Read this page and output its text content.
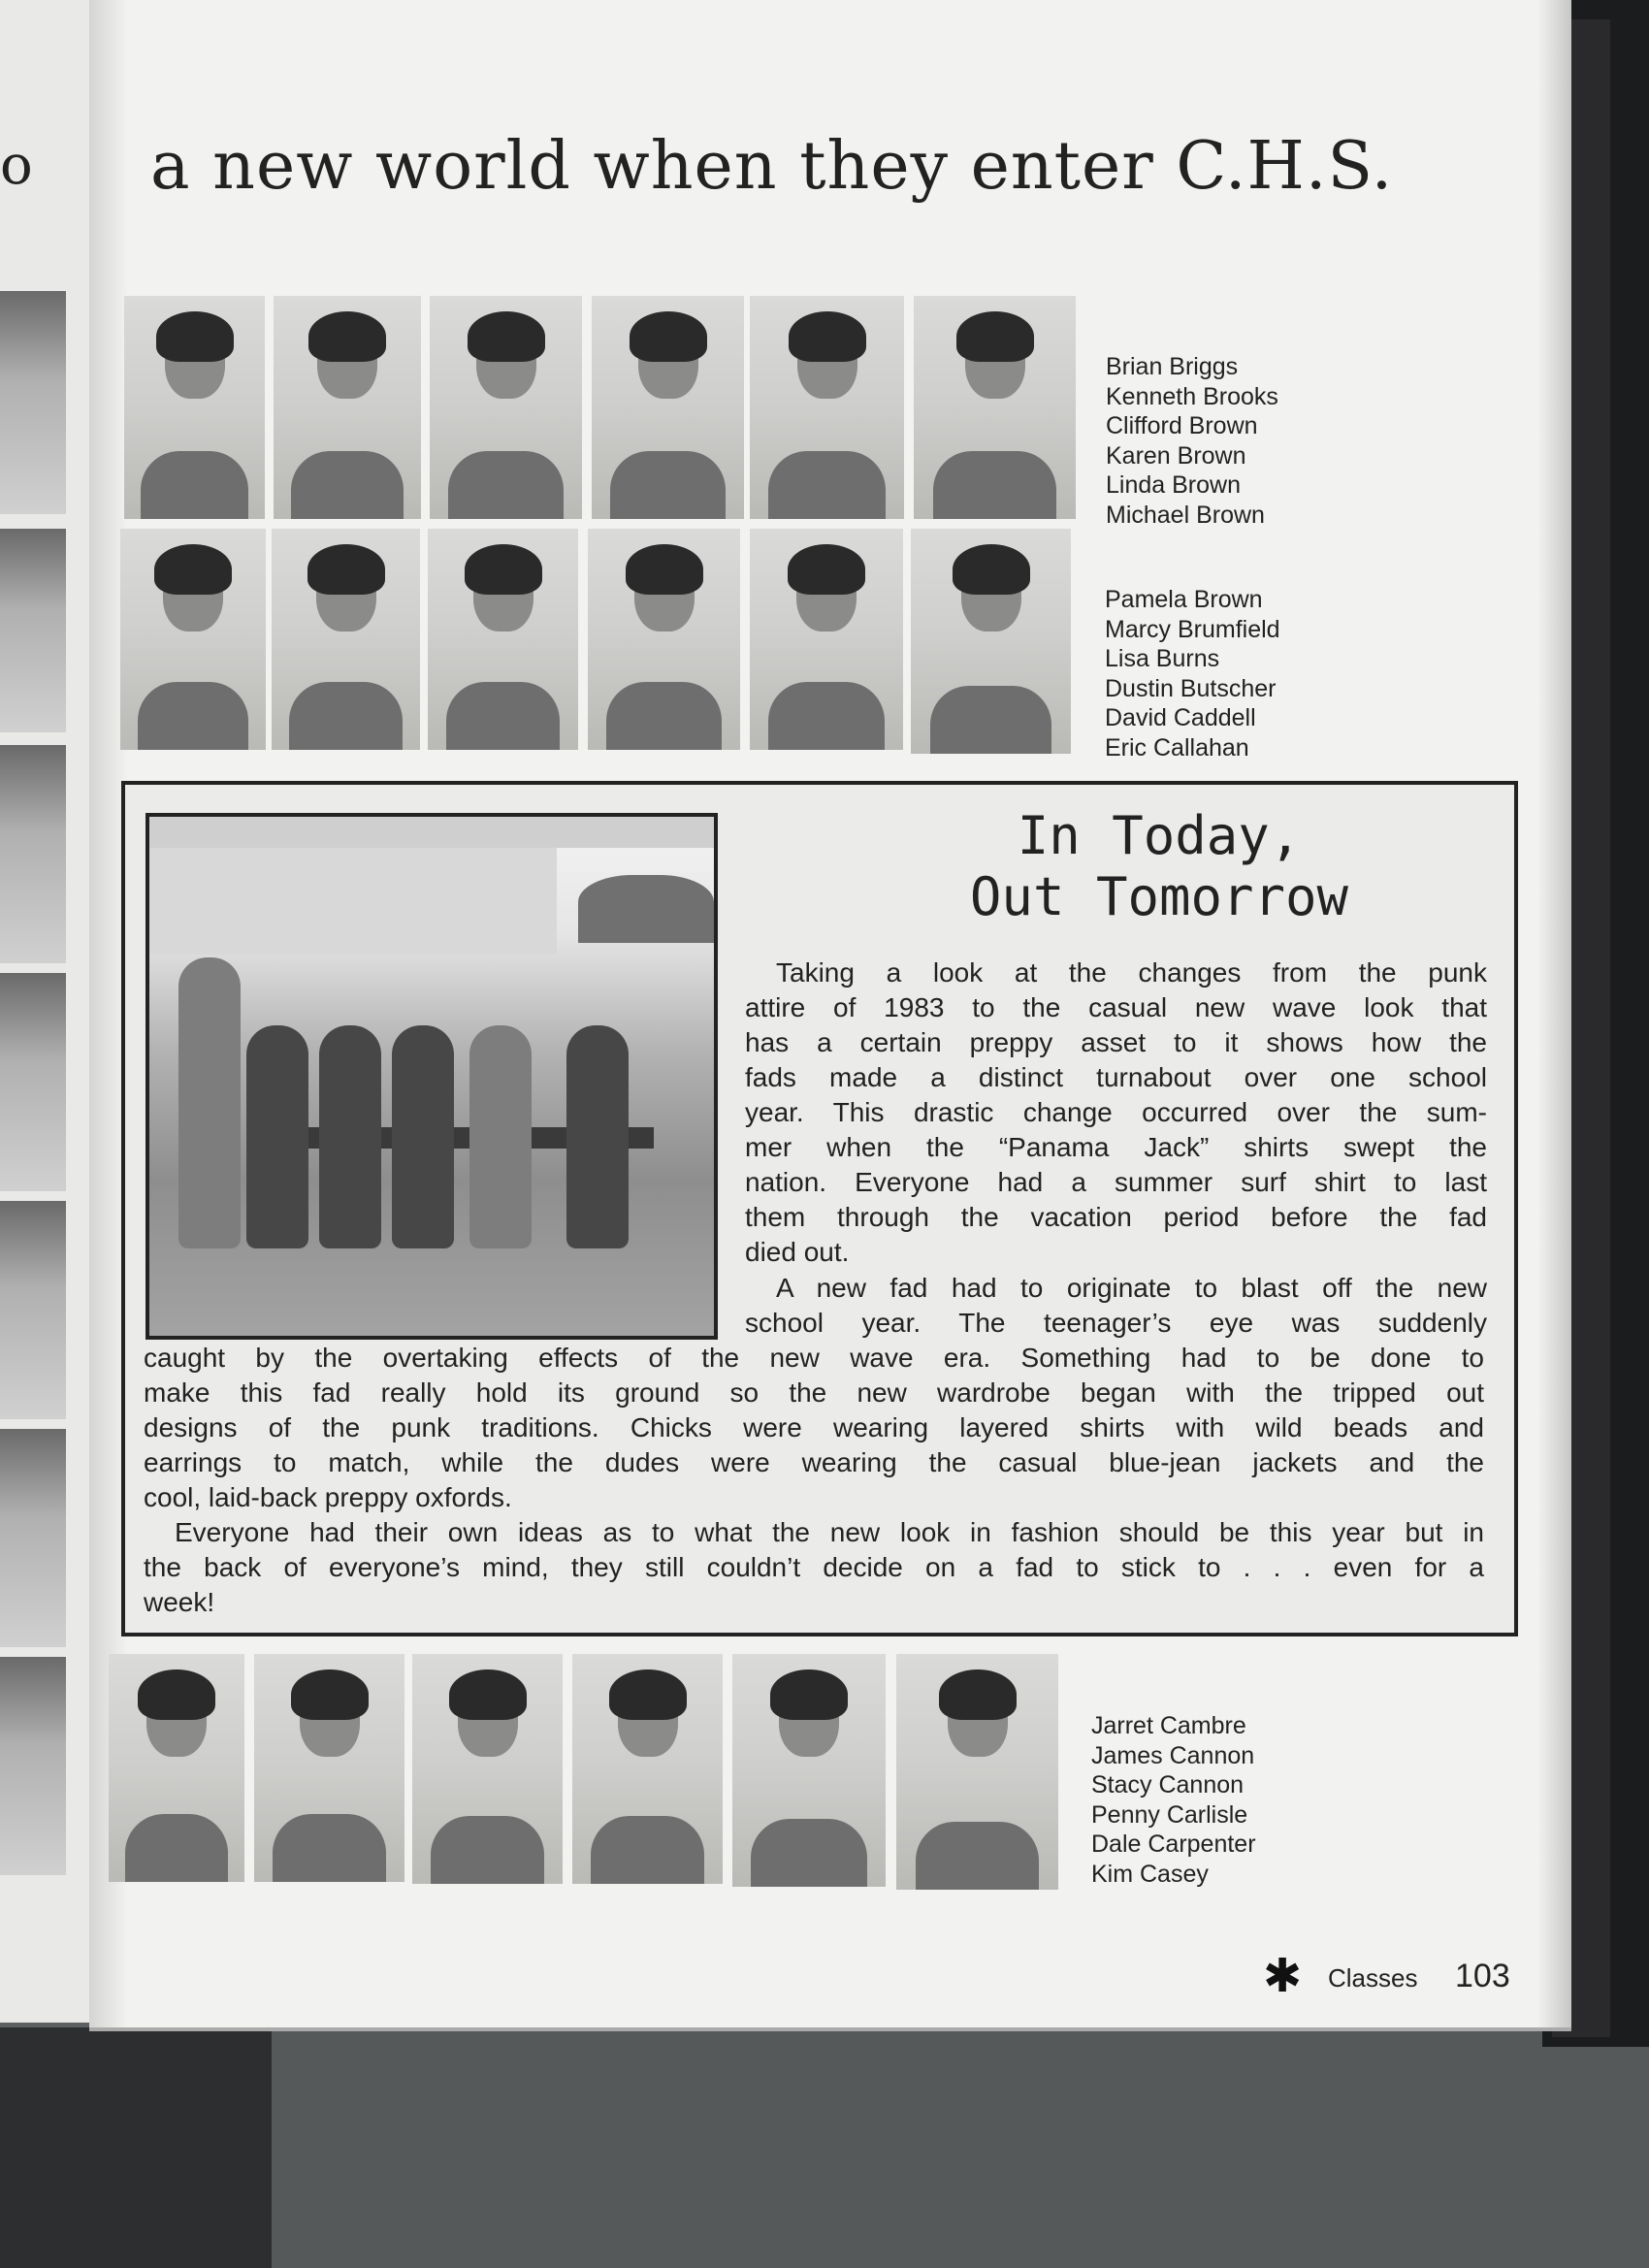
o a new world when they enter C.H.S.
Brian Briggs
Kenneth Brooks
Clifford Brown
Karen Brown
Linda Brown
Michael Brown
Pamela Brown
Marcy Brumfield
Lisa Burns
Dustin Butscher
David Caddell
Eric Callahan
In Today,
Out Tomorrow

Taking a look at the changes from the punk

attire of 1983 to the casual new wave look that

has a certain preppy asset to it shows how the

fads made a distinct turnabout over one school

year. This drastic change occurred over the sum-

mer when the “Panama Jack” shirts swept the

nation. Everyone had a summer surf shirt to last

them through the vacation period before the fad

died out.

A new fad had to originate to blast off the new

school year. The teenager’s eye was suddenly

caught by the overtaking effects of the new wave era. Something had to be done to

make this fad really hold its ground so the new wardrobe began with the tripped out

designs of the punk traditions. Chicks were wearing layered shirts with wild beads and

earrings to match, while the dudes were wearing the casual blue-jean jackets and the

cool, laid-back preppy oxfords.

Everyone had their own ideas as to what the new look in fashion should be this year but in

the back of everyone’s mind, they still couldn’t decide on a fad to stick to . . . even for a

week!

Jarret Cambre
James Cannon
Stacy Cannon
Penny Carlisle
Dale Carpenter
Kim Casey
✱ Classes 103
